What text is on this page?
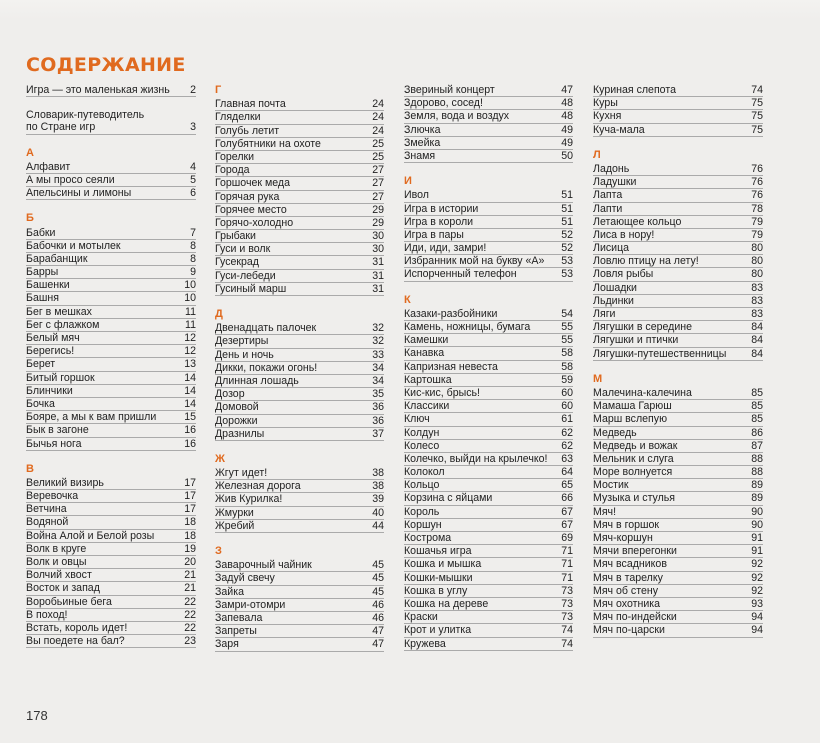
СОДЕРЖАНИЕ
Игра — это маленькая жизнь	2
Словарик-путеводитель
по Стране игр	3
А
Алфавит	4
А мы просо сеяли	5
Апельсины и лимоны	6
Б
Бабки	7
Бабочки и мотылек	8
Барабанщик	8
Барры	9
Башенки	10
Башня	10
Бег в мешках	11
Бег с флажком	11
Белый мяч	12
Берегись!	12
Берет	13
Битый горшок	14
Блинчики	14
Бочка	14
Бояре, а мы к вам пришли	15
Бык в загоне	16
Бычья нога	16
В
Великий визирь	17
Веревочка	17
Ветчина	17
Водяной	18
Война Алой и Белой розы	18
Волк в круге	19
Волк и овцы	20
Волчий хвост	21
Восток и запад	21
Воробьиные бега	22
В поход!	22
Встать, король идет!	22
Вы поедете на бал?	23
Г
Главная почта	24
Гляделки	24
Голубь летит	24
Голубятники на охоте	25
Горелки	25
Города	27
Горшочек меда	27
Горячая рука	27
Горячее место	29
Горячо-холодно	29
Грыбаки	30
Гуси и волк	30
Гусекрад	31
Гуси-лебеди	31
Гусиный марш	31
Д
Двенадцать палочек	32
Дезертиры	32
День и ночь	33
Дикки, покажи огонь!	34
Длинная лошадь	34
Дозор	35
Домовой	36
Дорожки	36
Дразнилы	37
Ж
Жгут идет!	38
Железная дорога	38
Жив Курилка!	39
Жмурки	40
Жребий	44
З
Заварочный чайник	45
Задуй свечу	45
Зайка	45
Замри-отомри	46
Запевала	46
Запреты	47
Заря	47
Звериный концерт	47
Здорово, сосед!	48
Земля, вода и воздух	48
Злючка	49
Змейка	49
Знамя	50
И
Ивол	51
Игра в истории	51
Игра в короли	51
Игра в пары	52
Иди, иди, замри!	52
Избранник мой на букву «А»	53
Испорченный телефон	53
К
Казаки-разбойники	54
Камень, ножницы, бумага	55
Камешки	55
Канавка	58
Капризная невеста	58
Картошка	59
Кис-кис, брысь!	60
Классики	60
Ключ	61
Колдун	62
Колесо	62
Колечко, выйди на крылечко!	63
Колокол	64
Кольцо	65
Корзина с яйцами	66
Король	67
Коршун	67
Кострома	69
Кошачья игра	71
Кошка и мышка	71
Кошки-мышки	71
Кошка в углу	73
Кошка на дереве	73
Краски	73
Крот и улитка	74
Кружева	74
Куриная слепота	74
Куры	75
Кухня	75
Куча-мала	75
Л
Ладонь	76
Ладушки	76
Лапта	76
Лапти	78
Летающее кольцо	79
Лиса в нору!	79
Лисица	80
Ловлю птицу на лету!	80
Ловля рыбы	80
Лошадки	83
Льдинки	83
Ляги	83
Лягушки в середине	84
Лягушки и птички	84
Лягушки-путешественницы	84
М
Малечина-калечина	85
Мамаша Гарюш	85
Марш вслепую	85
Медведь	86
Медведь и вожак	87
Мельник и слуга	88
Море волнуется	88
Мостик	89
Музыка и стулья	89
Мяч!	90
Мяч в горшок	90
Мяч-коршун	91
Мячи вперегонки	91
Мяч всадников	92
Мяч в тарелку	92
Мяч об стену	92
Мяч охотника	93
Мяч по-индейски	94
Мяч по-царски	94
178
